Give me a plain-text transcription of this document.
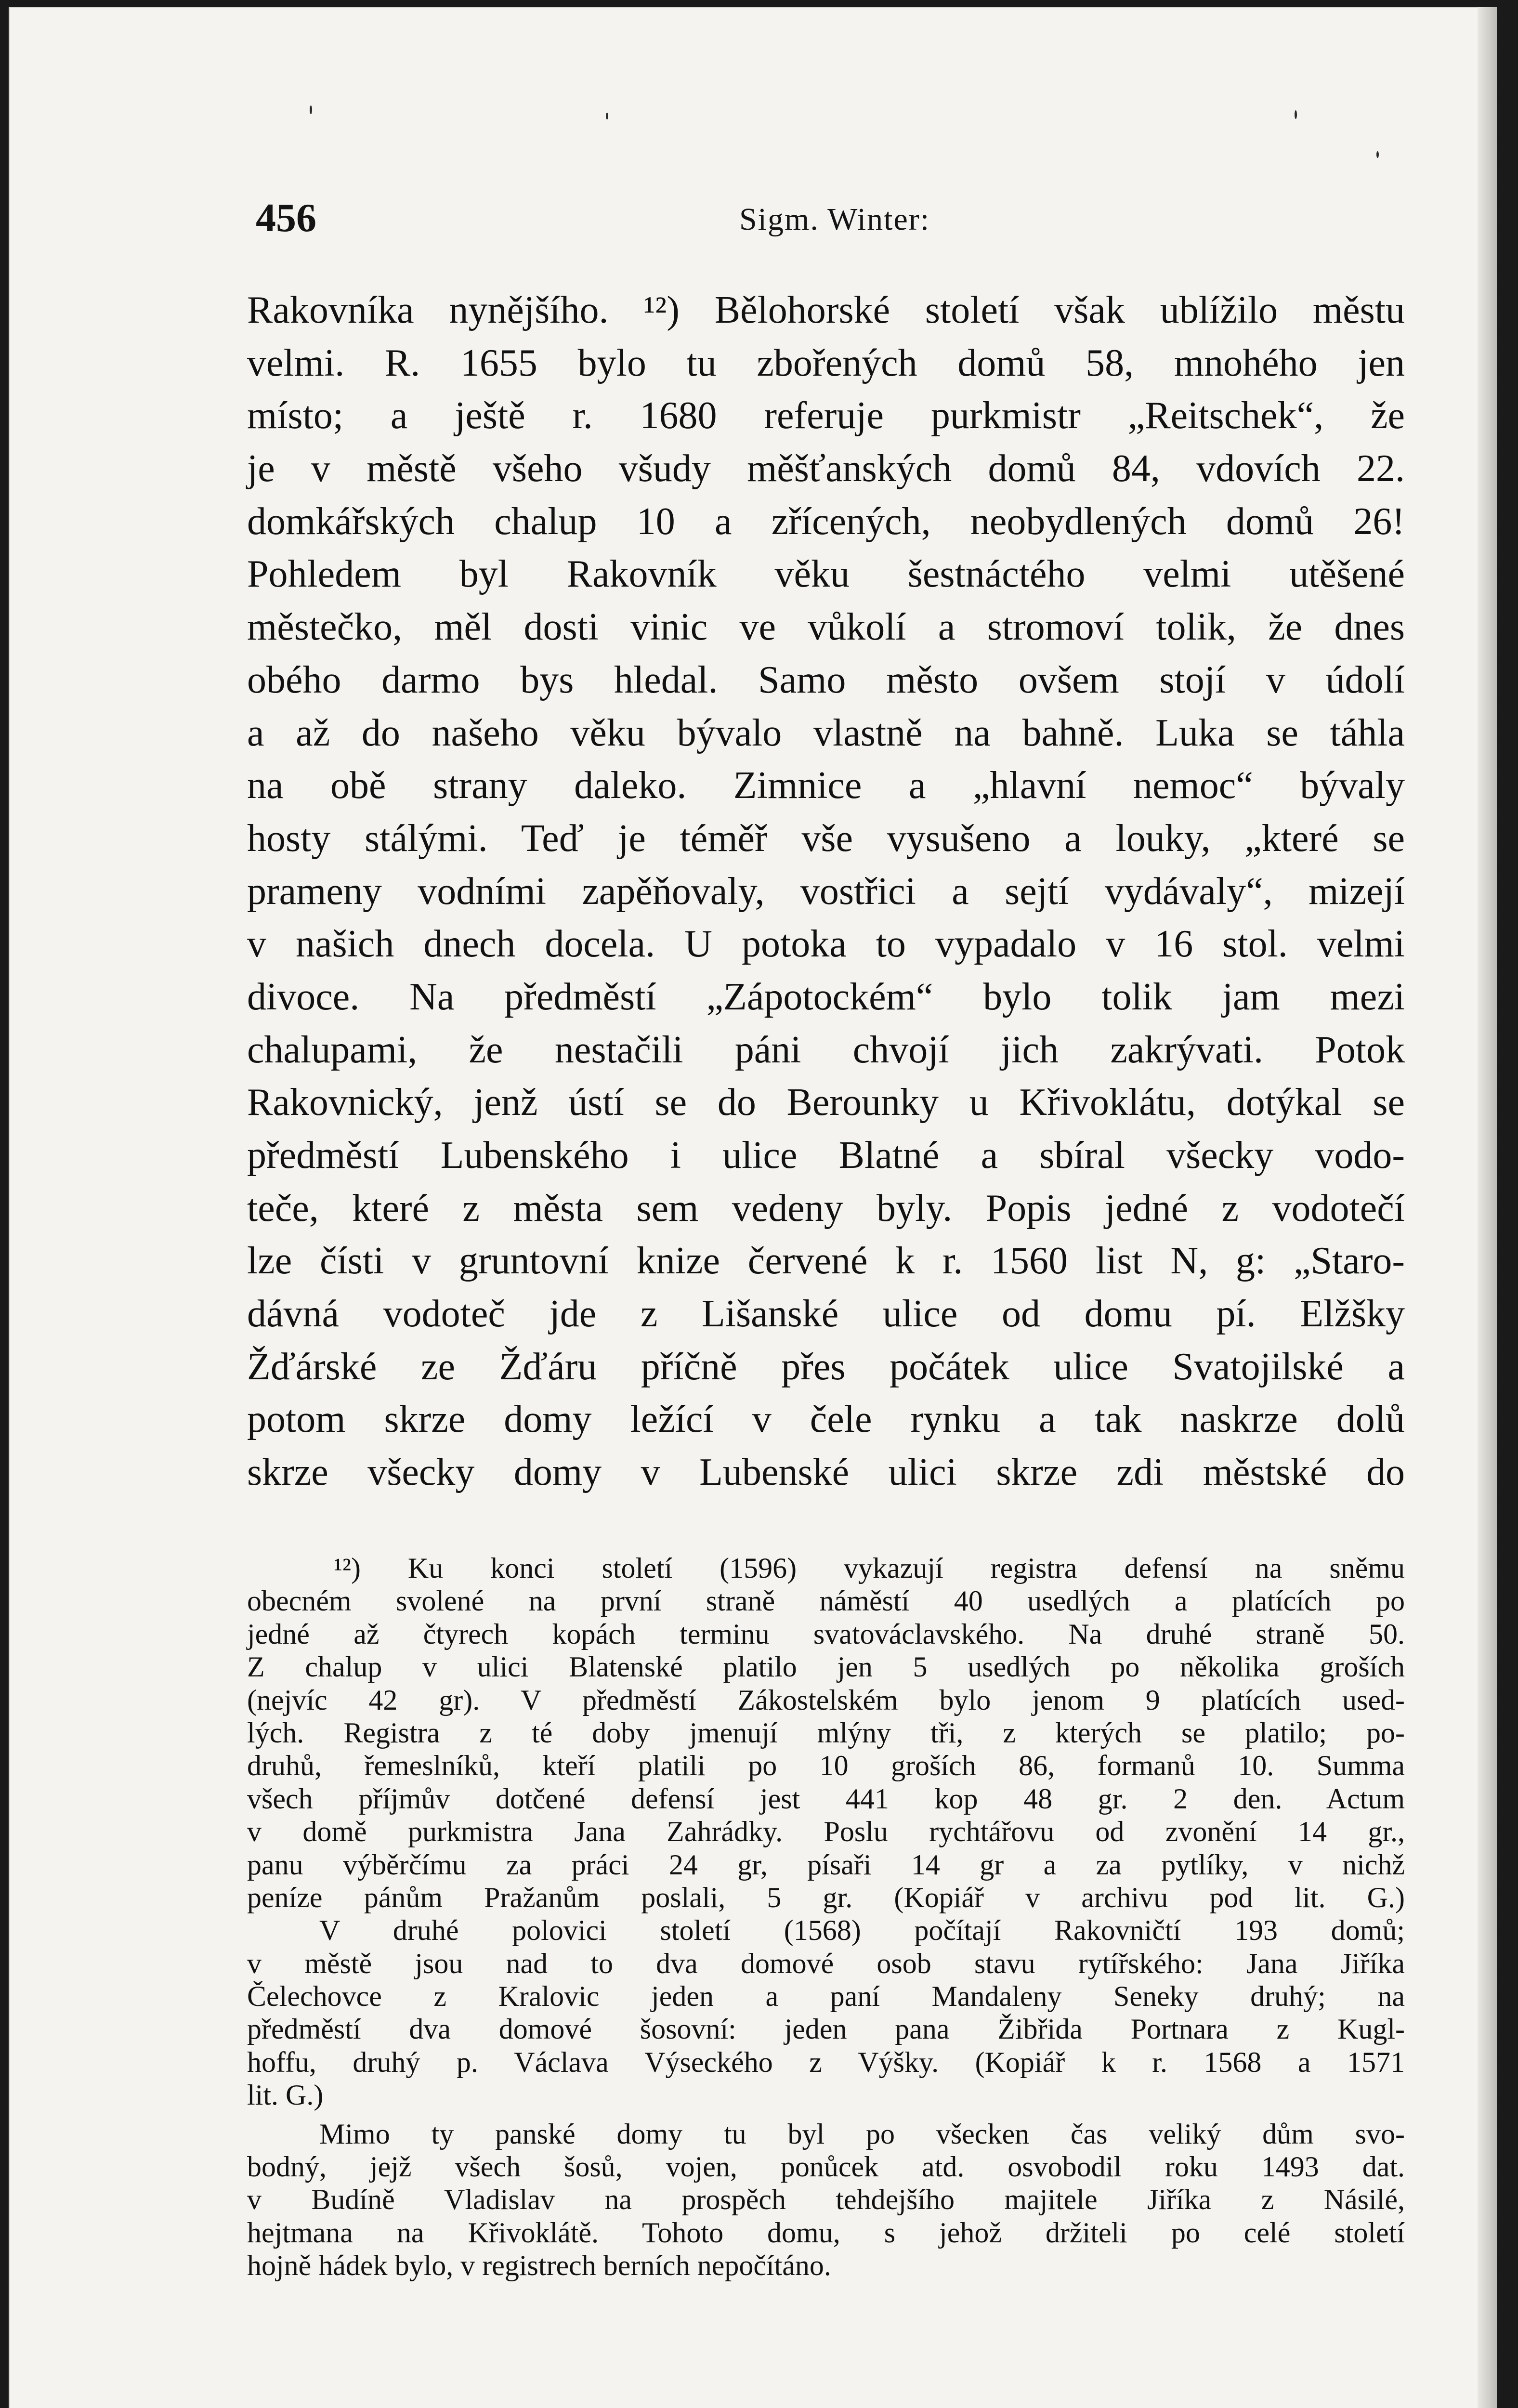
456	Sigm. Winter:
Rakovníka nynějšího. ¹²) Bělohorské století však ublížilo městu
velmi. R. 1655 bylo tu zbořených domů 58, mnohého jen
místo; a ještě r. 1680 referuje purkmistr „Reitschek“, že
je v městě všeho všudy měšťanských domů 84, vdovích 22.
domkářských chalup 10 a zřícených, neobydlených domů 26!
Pohledem byl Rakovník věku šestnáctého velmi utěšené
městečko, měl dosti vinic ve vůkolí a stromoví tolik, že dnes
obého darmo bys hledal. Samo město ovšem stojí v údolí
a až do našeho věku bývalo vlastně na bahně. Luka se táhla
na obě strany daleko. Zimnice a „hlavní nemoc“ bývaly
hosty stálými. Teď je téměř vše vysušeno a louky, „které se
prameny vodními zapěňovaly, vostřici a sejtí vydávaly“, mizejí
v našich dnech docela. U potoka to vypadalo v 16 stol. velmi
divoce. Na předměstí „Zápotockém“ bylo tolik jam mezi
chalupami, že nestačili páni chvojí jich zakrývati. Potok
Rakovnický, jenž ústí se do Berounky u Křivoklátu, dotýkal se
předměstí Lubenského i ulice Blatné a sbíral všecky vodo-
teče, které z města sem vedeny byly. Popis jedné z vodotečí
lze čísti v gruntovní knize červené k r. 1560 list N, g: „Staro-
dávná vodoteč jde z Lišanské ulice od domu pí. Elžšky
Žďárské ze Žďáru příčně přes počátek ulice Svatojilské a
potom skrze domy ležící v čele rynku a tak naskrze dolů
skrze všecky domy v Lubenské ulici skrze zdi městské do
¹²) Ku konci století (1596) vykazují registra defensí na sněmu
obecném svolené na první straně náměstí 40 usedlých a platících po
jedné až čtyrech kopách terminu svatováclavského. Na druhé straně 50.
Z chalup v ulici Blatenské platilo jen 5 usedlých po několika groších
(nejvíc 42 gr). V předměstí Zákostelském bylo jenom 9 platících used-
lých. Registra z té doby jmenují mlýny tři, z kterých se platilo; po-
druhů, řemeslníků, kteří platili po 10 groších 86, formanů 10. Summa
všech příjmův dotčené defensí jest 441 kop 48 gr. 2 den. Actum
v domě purkmistra Jana Zahrádky. Poslu rychtářovu od zvonění 14 gr.,
panu výběrčímu za práci 24 gr, písaři 14 gr a za pytlíky, v nichž
peníze pánům Pražanům poslali, 5 gr. (Kopiář v archivu pod lit. G.)
V druhé polovici století (1568) počítají Rakovničtí 193 domů;
v městě jsou nad to dva domové osob stavu rytířského: Jana Jiříka
Čelechovce z Kralovic jeden a paní Mandaleny Seneky druhý; na
předměstí dva domové šosovní: jeden pana Žibřida Portnara z Kugl-
hoffu, druhý p. Václava Výseckého z Výšky. (Kopiář k r. 1568 a 1571
lit. G.)
Mimo ty panské domy tu byl po všecken čas veliký dům svo-
bodný, jejž všech šosů, vojen, ponůcek atd. osvobodil roku 1493 dat.
v Budíně Vladislav na prospěch tehdejšího majitele Jiříka z Násilé,
hejtmana na Křivoklátě. Tohoto domu, s jehož držiteli po celé století
hojně hádek bylo, v registrech berních nepočítáno.
